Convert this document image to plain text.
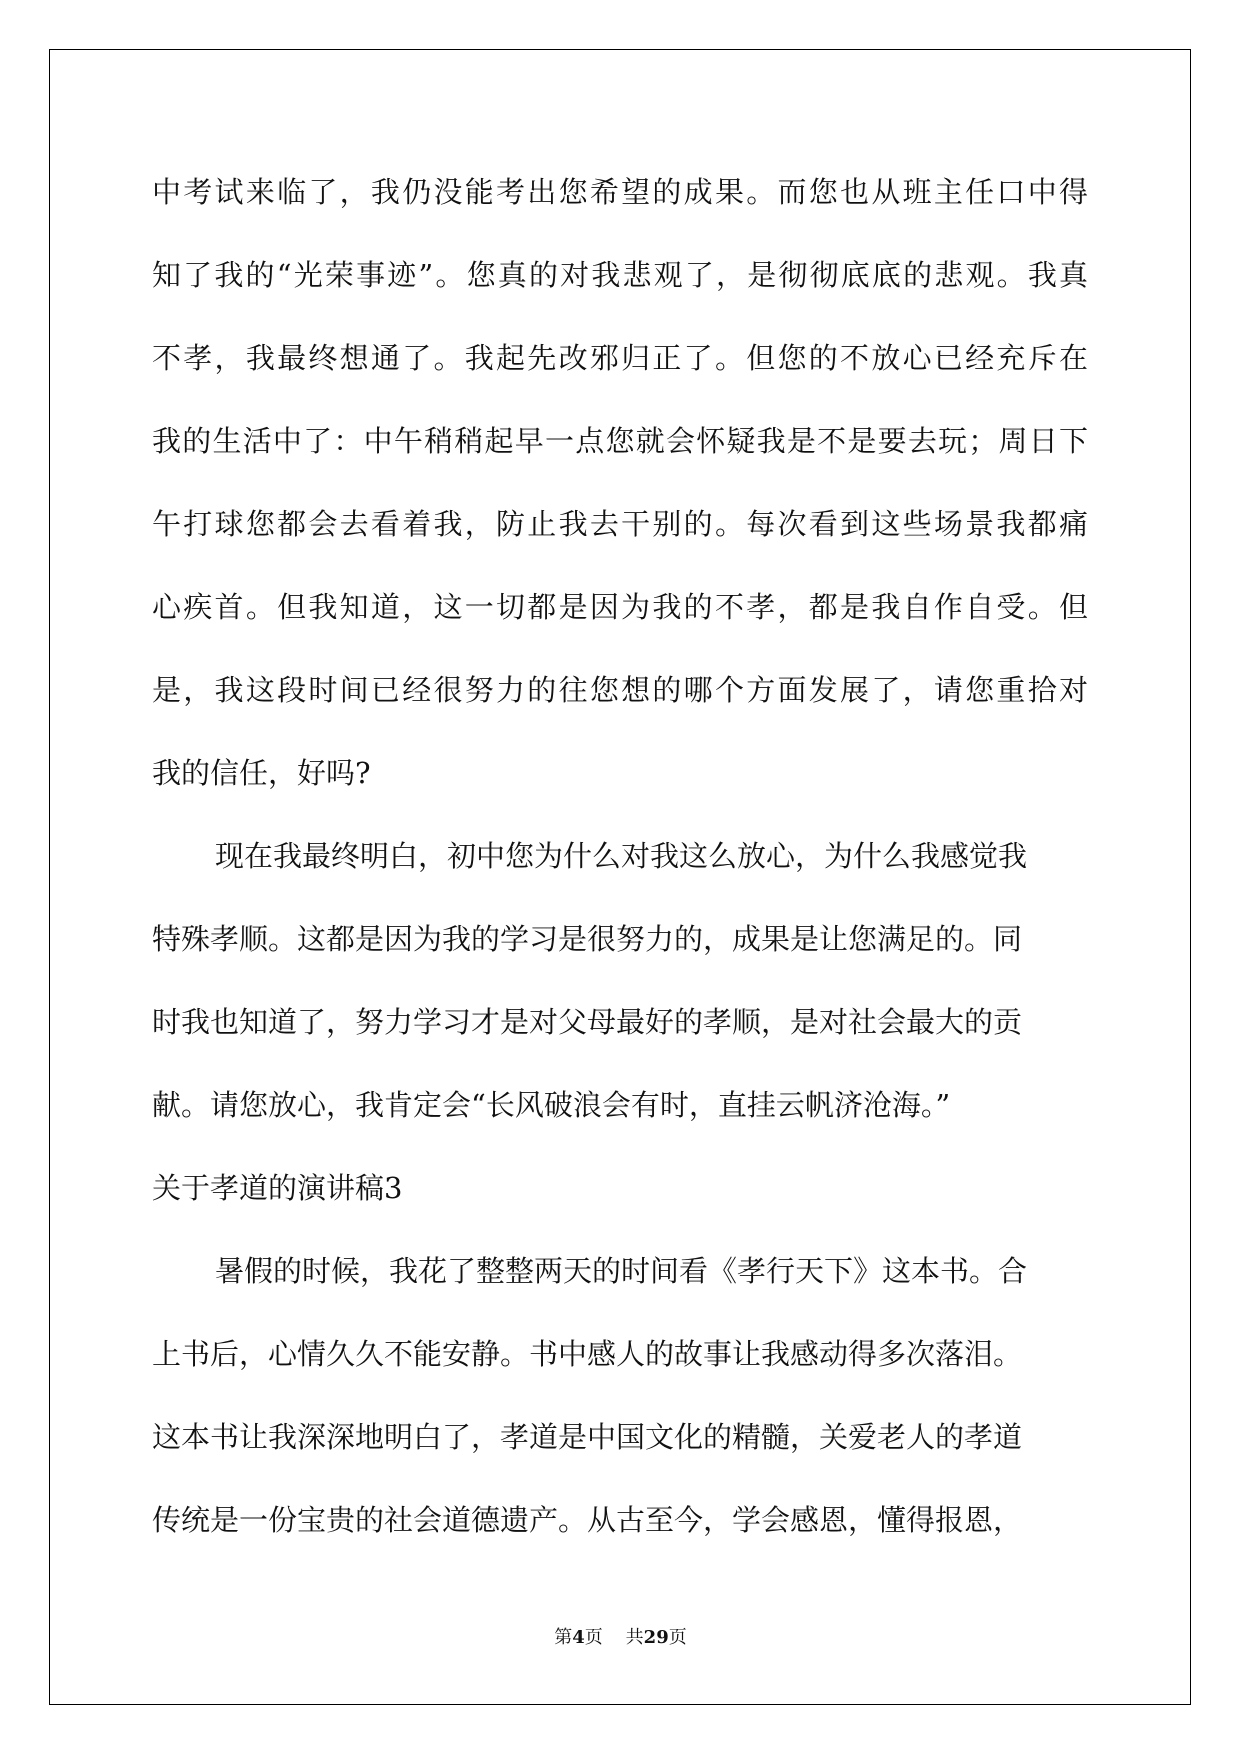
中考试来临了，我仍没能考出您希望的成果。而您也从班主任口中得
知了我的“光荣事迹”。您真的对我悲观了，是彻彻底底的悲观。我真
不孝，我最终想通了。我起先改邪归正了。但您的不放心已经充斥在
我的生活中了：中午稍稍起早一点您就会怀疑我是不是要去玩；周日下
午打球您都会去看着我，防止我去干别的。每次看到这些场景我都痛
心疾首。但我知道，这一切都是因为我的不孝，都是我自作自受。但
是，我这段时间已经很努力的往您想的哪个方面发展了，请您重拾对
我的信任，好吗?
现在我最终明白，初中您为什么对我这么放心，为什么我感觉我
特殊孝顺。这都是因为我的学习是很努力的，成果是让您满足的。同
时我也知道了，努力学习才是对父母最好的孝顺，是对社会最大的贡
献。请您放心，我肯定会“长风破浪会有时，直挂云帆济沧海。”
关于孝道的演讲稿3
暑假的时候，我花了整整两天的时间看《孝行天下》这本书。合
上书后，心情久久不能安静。书中感人的故事让我感动得多次落泪。
这本书让我深深地明白了，孝道是中国文化的精髓，关爱老人的孝道
传统是一份宝贵的社会道德遗产。从古至今，学会感恩，懂得报恩，
第4页 共29页
